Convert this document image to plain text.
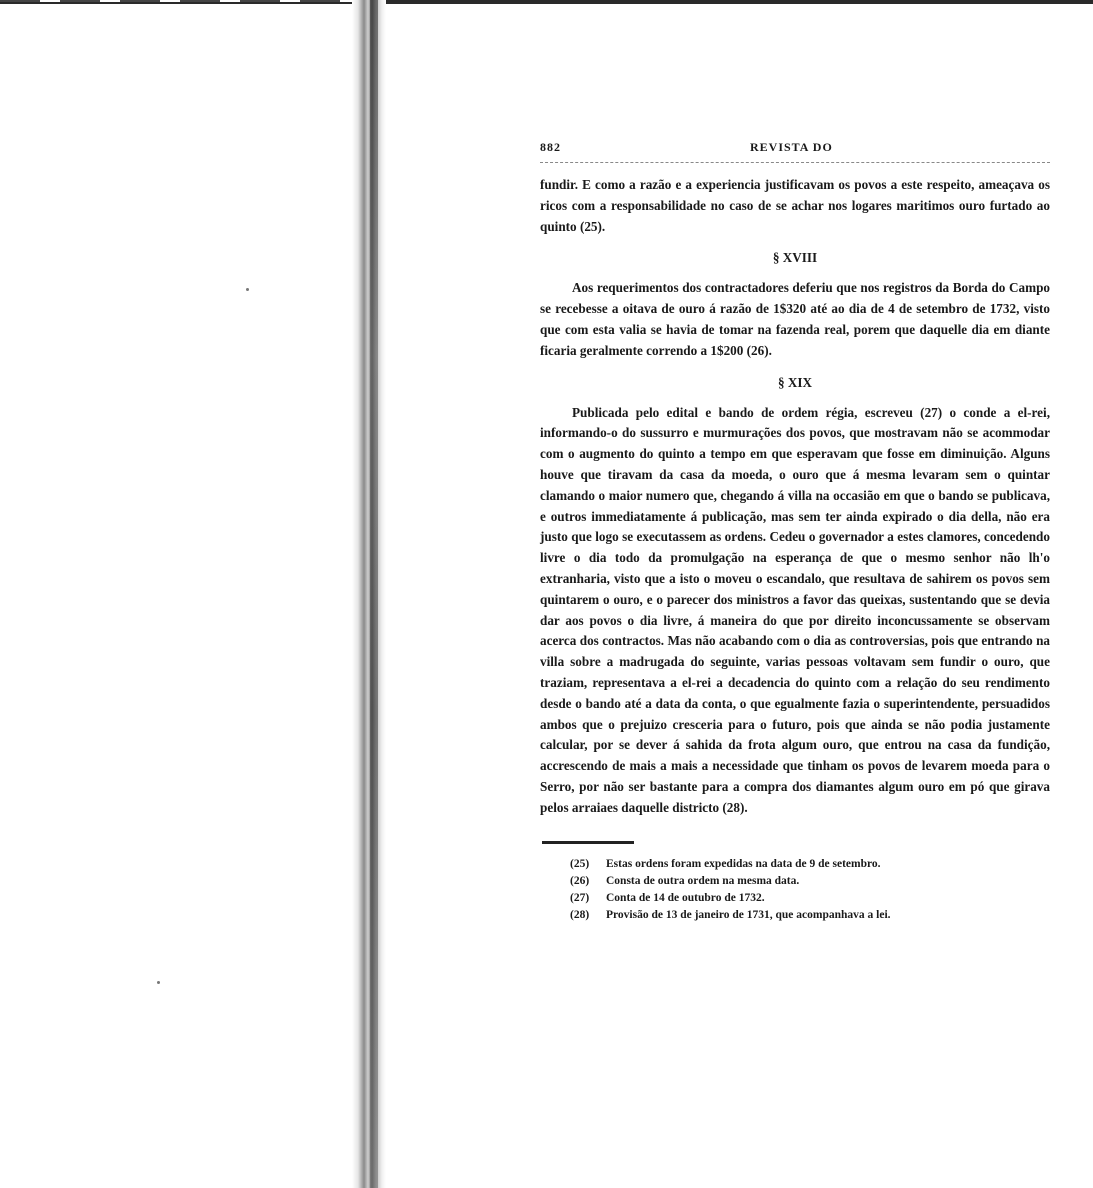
882	REVISTA DO

fundir. E como a razão e a experiencia justificavam os povos a este respeito, ameaçava os ricos com a responsabilidade no caso de se achar nos logares maritimos ouro furtado ao quinto (25).

§ XVIII

Aos requerimentos dos contractadores deferiu que nos registros da Borda do Campo se recebesse a oitava de ouro á razão de 1$320 até ao dia de 4 de setembro de 1732, visto que com esta valia se havia de tomar na fazenda real, porem que daquelle dia em diante ficaria geralmente correndo a 1$200 (26).

§ XIX

Publicada pelo edital e bando de ordem régia, escreveu (27) o conde a el-rei, informando-o do sussurro e murmurações dos povos, que mostravam não se acommodar com o augmento do quinto a tempo em que esperavam que fosse em diminuição. Alguns houve que tiravam da casa da moeda, o ouro que á mesma levaram sem o quintar clamando o maior numero que, chegando á villa na occasião em que o bando se publicava, e outros immediatamente á publicação, mas sem ter ainda expirado o dia della, não era justo que logo se executassem as ordens. Cedeu o governador a estes clamores, concedendo livre o dia todo da promulgação na esperança de que o mesmo senhor não lh'o extranharia, visto que a isto o moveu o escandalo, que resultava de sahirem os povos sem quintarem o ouro, e o parecer dos ministros a favor das queixas, sustentando que se devia dar aos povos o dia livre, á maneira do que por direito inconcussamente se observam acerca dos contractos. Mas não acabando com o dia as controversias, pois que entrando na villa sobre a madrugada do seguinte, varias pessoas voltavam sem fundir o ouro, que traziam, representava a el-rei a decadencia do quinto com a relação do seu rendimento desde o bando até a data da conta, o que egualmente fazia o superintendente, persuadidos ambos que o prejuizo cresceria para o futuro, pois que ainda se não podia justamente calcular, por se dever á sahida da frota algum ouro, que entrou na casa da fundição, accrescendo de mais a mais a necessidade que tinham os povos de levarem moeda para o Serro, por não ser bastante para a compra dos diamantes algum ouro em pó que girava pelos arraiaes daquelle districto (28).

(25)	Estas ordens foram expedidas na data de 9 de setembro.
(26)	Consta de outra ordem na mesma data.
(27)	Conta de 14 de outubro de 1732.
(28)	Provisão de 13 de janeiro de 1731, que acompanhava a lei.
